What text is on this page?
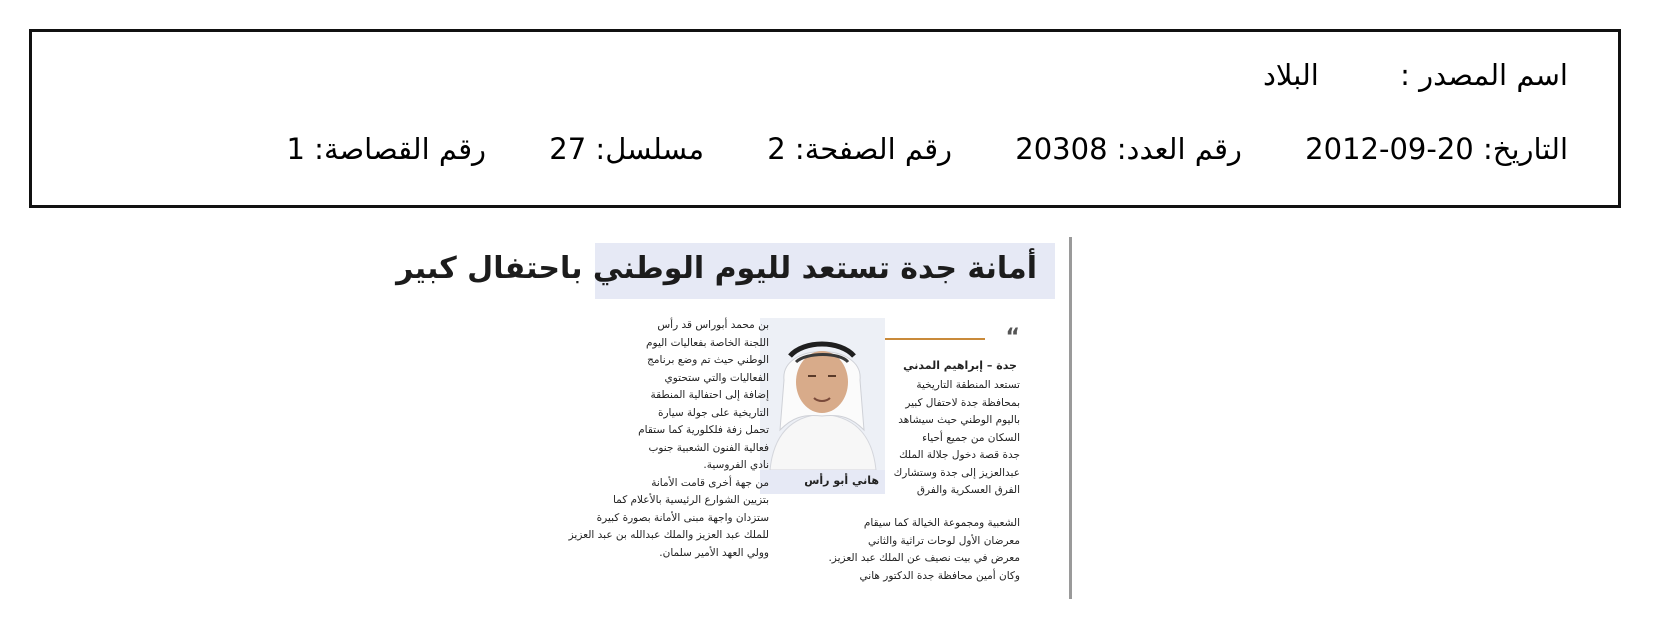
اسم المصدر : البلاد
التاريخ: 20-09-2012 رقم العدد: 20308 رقم الصفحة: 2 مسلسل: 27 رقم القصاصة: 1
أمانة جدة تستعد لليوم الوطني باحتفال كبير
“
جدة – إبراهيم المدني
تستعد المنطقة التاريخية
بمحافظة جدة لاحتفال كبير
باليوم الوطني حيث سيشاهد
السكان من جميع أحياء
جدة قصة دخول جلالة الملك
عبدالعزيز إلى جدة وستشارك
الفرق العسكرية والفرق
الشعبية ومجموعة الخيالة كما سيقام
معرضان الأول لوحات تراثية والثاني
معرض في بيت نصيف عن الملك عبد العزيز.
وكان أمين محافظة جدة الدكتور هاني
هاني أبو رأس
بن محمد أبوراس قد رأس
اللجنة الخاصة بفعاليات اليوم
الوطني حيث تم وضع برنامج
الفعاليات والتي ستحتوي
إضافة إلى احتفالية المنطقة
التاريخية على جولة سيارة
تحمل زفة فلكلورية كما ستقام
فعالية الفنون الشعبية جنوب
نادي الفروسية.
من جهة أخرى قامت الأمانة
بتزيين الشوارع الرئيسية بالأعلام كما
ستزدان واجهة مبنى الأمانة بصورة كبيرة
للملك عبد العزيز والملك عبدالله بن عبد العزيز
وولي العهد الأمير سلمان.
